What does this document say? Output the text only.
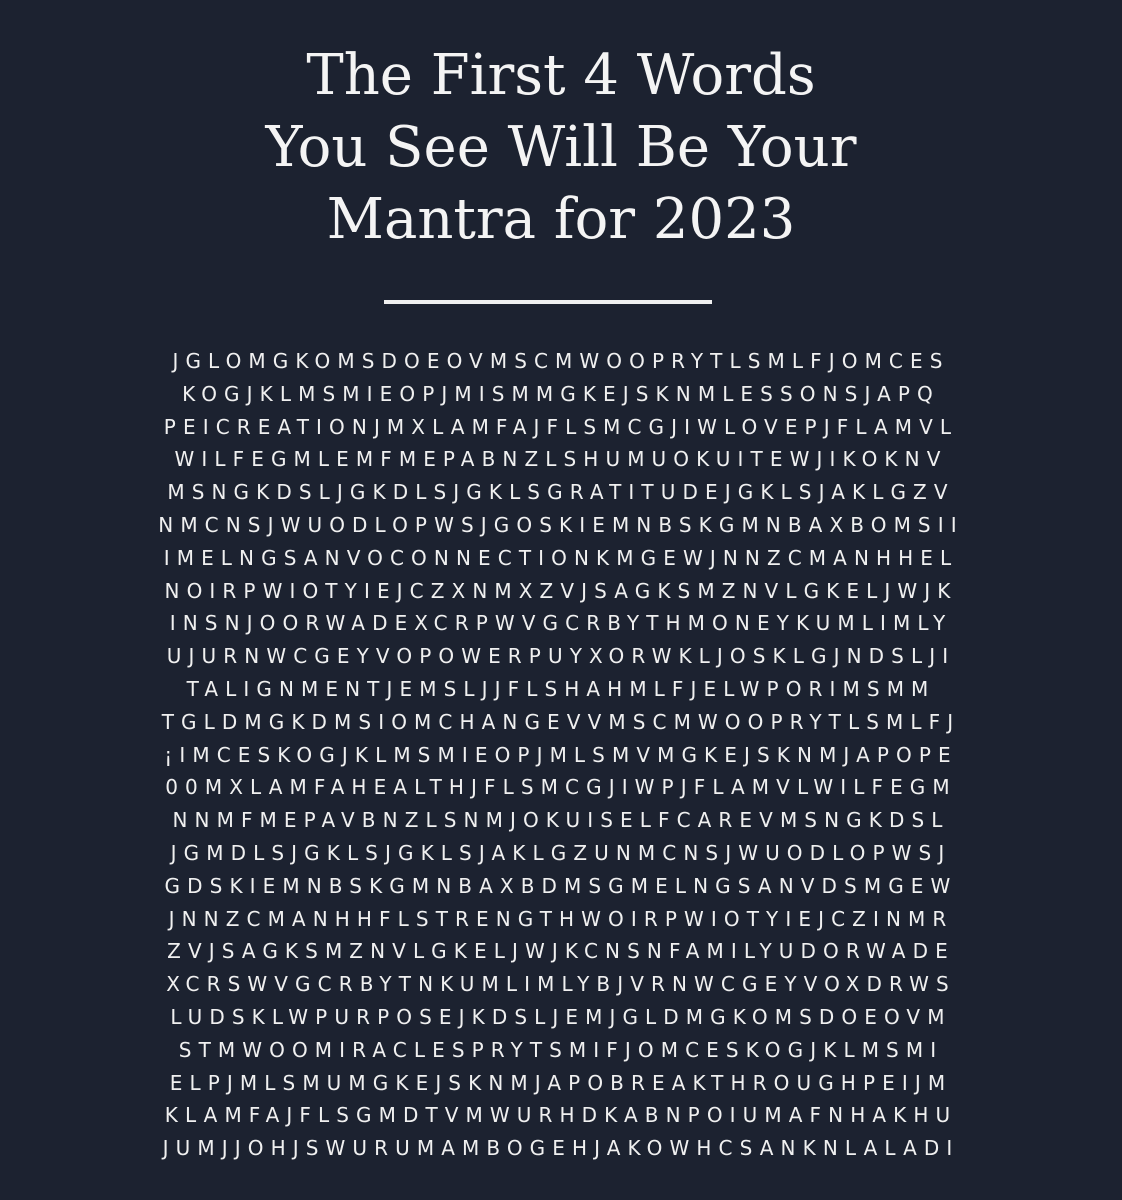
The First 4 Words
You See Will Be Your
Mantra for 2023
JGLOMGKOMSDOEOVMSCMWOOPRYTLSMLFJOMCES
KOGJKLMSMIEOPJMISMMGKEJSKNMLESSONSJAPQ
PEICREATIONJMXLAMFAJFLSMCGJIWLOVEPJFLAMVL
WILFEGMLEMFMEPABNZLSHUMUOKUITEWJIKOKNV
MSNGKDSLJGKDLSJGKLSGRATITUDEJGKLSJAKLGZV
NMCNSJWUODLOPWSJGOSKIEMNBSKGMNBAXBOMSII
IMELNGSANVOCONNECTIONKMGEWJNNZCMANHHEL
NOIRPWIOTYIEJCZXNMXZVJSAGKSMZNVLGKELJWJK
INSNJOORWADEXCRPWVGCRBYTHMONEYKUMLIMLY
UJURNWCGEYVOPOWERPUYXORWKLJOSKLGJNDSLJI
TALIGNMENTJEMSLJJFLSHAHMLFJELWPORIMSMM
TGLDMGKDMSIOMCHANGEVVMSCMWOOPRYTLSMLFJ
¡IMCESKOGJKLMSMIEOPJMLSMVMGKEJSKNMJAPOPE
00MXLAMFAHEALTHJFLSMCGJIWPJFLAMVLWILFEGM
NNMFMEPAVBNZLSNMJOKUISELFCAREVMSNGKDSL
JGMDLSJGKLSJGKLSJAKLGZUNMCNSJWUODLOPWSJ
GDSKIEMNBSKGMNBAXBDMSGMELNGSANVDSMGEW
JNNZCMANHHFLSTRENGTHWOIRPWIOTYIEJCZINMR
ZVJSAGKSMZNVLGKELJWJKCNSNFAMILYUDORWADE
XCRSWVGCRBYTNKUMLIMLYBJVRNWCGEYVOXDRWS
LUDSKLWPURPOSEJKDSLJEMJGLDMGKOMSDOEOVM
STMWOOMIRACLESPRYTSMIFJOMCESKOGJKLMSMI
ELPJMLSMUMGKEJSKNMJAPOBREAKTHROUGHPEIJM
KLAMFAJFLSGMDTVMWURHDKABNPOIUMAFNHAKHU
JUMJJOHJSWURUMAMBOGEHJAKOWHCSANKNLALADI
